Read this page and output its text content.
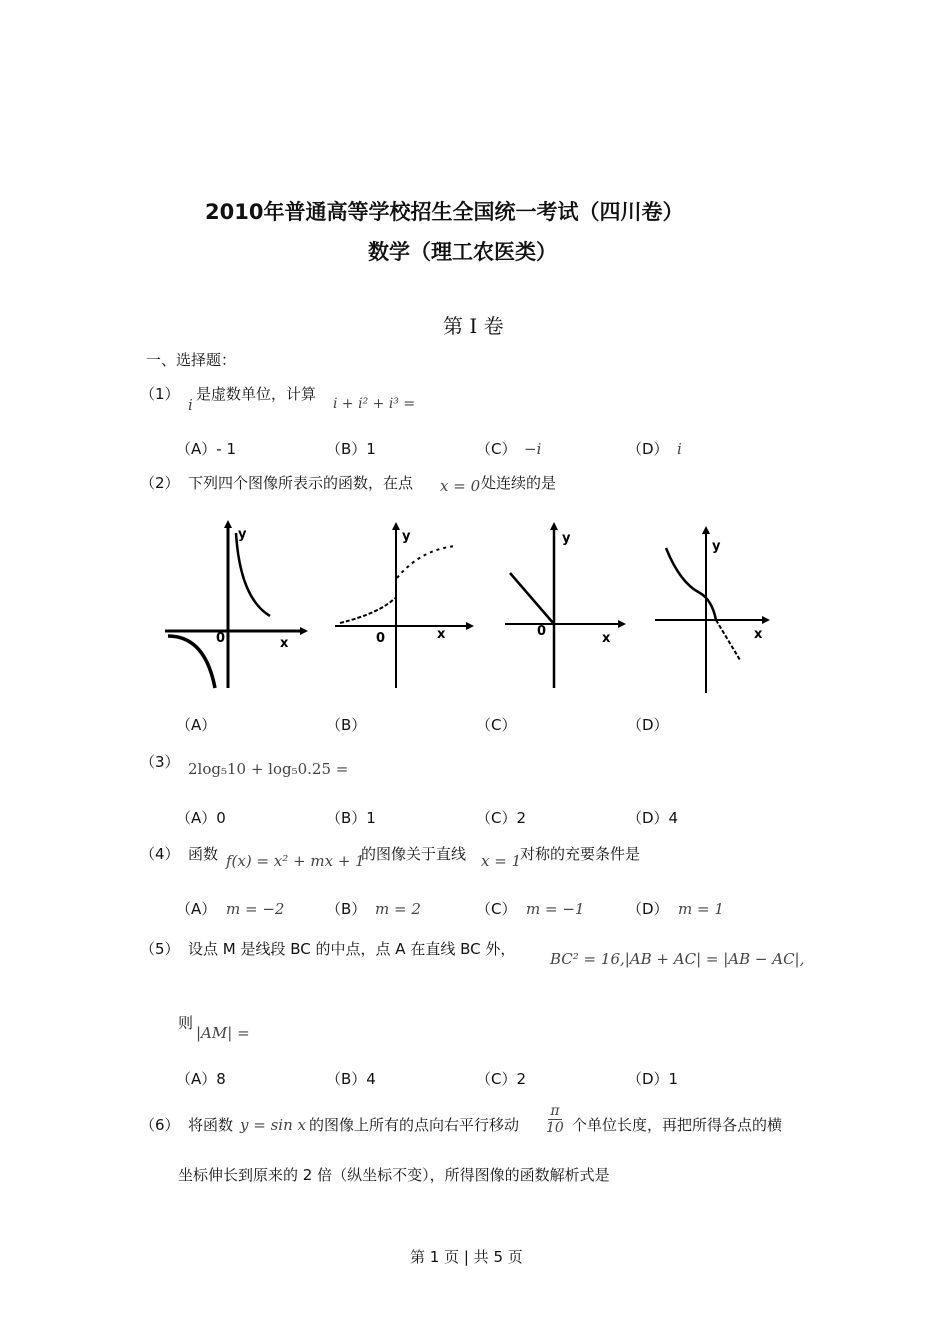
2010年普通高等学校招生全国统一考试（四川卷）
数学（理工农医类）
第 I 卷
一、选择题：
（1）
i
是虚数单位，计算
i + i² + i³ =
（A）- 1	（B）1	（C） −i	（D） i
（2） 下列四个图像所表示的函数，在点 x = 0 处连续的是
y
x
0
y
x
0
y
x
0
y
x
（A）	（B）	（C）	（D）
（3） 2log₅10 + log₅0.25 =
（A）0	（B）1	（C）2	（D）4
（4） 函数 f(x) = x² + mx + 1
的图像关于直线 x = 1
对称的充要条件是
（A） m = −2	（B） m = 2	（C） m = −1	（D） m = 1
（5） 设点 M 是线段 BC 的中点，点 A 在直线 BC 外，
BC² = 16,|AB + AC| = |AB − AC|,
则
|AM| =
（A）8	（B）4	（C）2	（D）1
（6） 将函数 y = sin x 的图像上所有的点向右平行移动 $\frac{\pi}{10}$ 个单位长度，再把所得各点的横
坐标伸长到原来的 2 倍（纵坐标不变），所得图像的函数解析式是
第 1 页 | 共 5 页
